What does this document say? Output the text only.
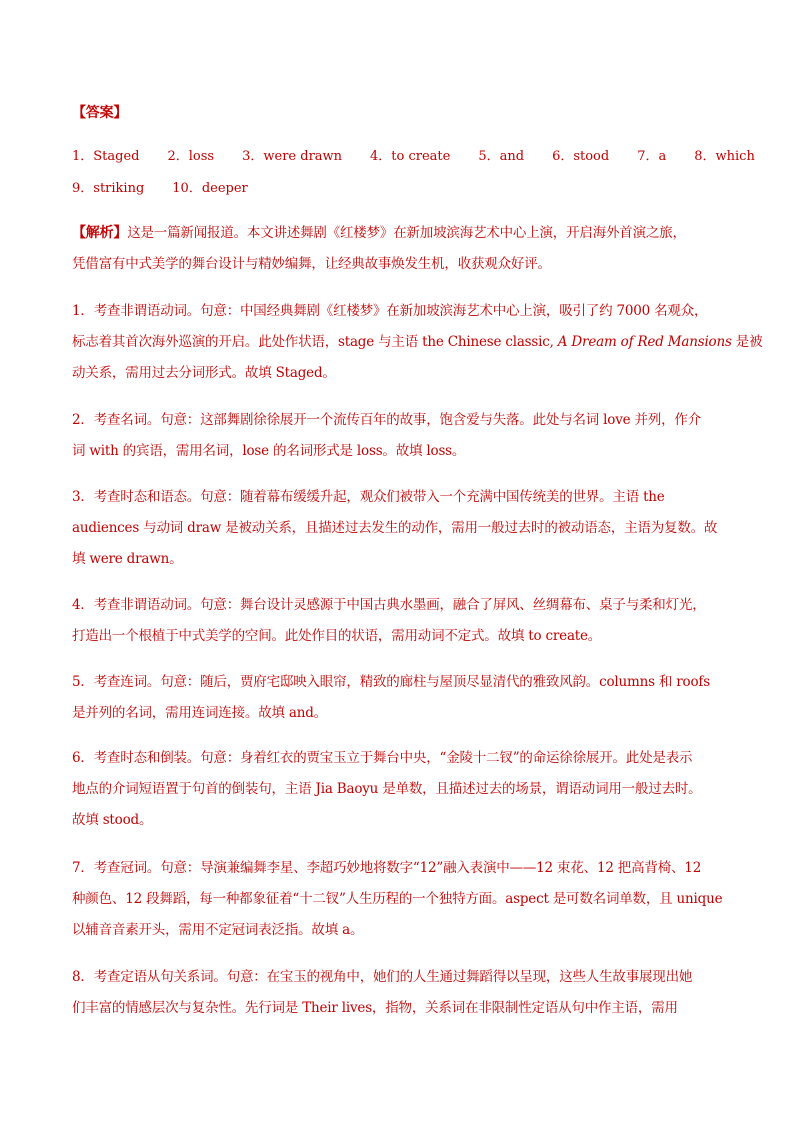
【答案】
1．Staged 2．loss 3．were drawn 4．to create 5．and 6．stood 7．a 8．which
9．striking 10．deeper
【解析】这是一篇新闻报道。本文讲述舞剧《红楼梦》在新加坡滨海艺术中心上演，开启海外首演之旅，
凭借富有中式美学的舞台设计与精妙编舞，让经典故事焕发生机，收获观众好评。
1．考查非谓语动词。句意：中国经典舞剧《红楼梦》在新加坡滨海艺术中心上演，吸引了约 7000 名观众，
标志着其首次海外巡演的开启。此处作状语，stage 与主语 the Chinese classic, A Dream of Red Mansions 是被
动关系，需用过去分词形式。故填 Staged。
2．考查名词。句意：这部舞剧徐徐展开一个流传百年的故事，饱含爱与失落。此处与名词 love 并列，作介
词 with 的宾语，需用名词，lose 的名词形式是 loss。故填 loss。
3．考查时态和语态。句意：随着幕布缓缓升起，观众们被带入一个充满中国传统美的世界。主语 the
audiences 与动词 draw 是被动关系，且描述过去发生的动作，需用一般过去时的被动语态，主语为复数。故
填 were drawn。
4．考查非谓语动词。句意：舞台设计灵感源于中国古典水墨画，融合了屏风、丝绸幕布、桌子与柔和灯光，
打造出一个根植于中式美学的空间。此处作目的状语，需用动词不定式。故填 to create。
5．考查连词。句意：随后，贾府宅邸映入眼帘，精致的廊柱与屋顶尽显清代的雅致风韵。columns 和 roofs
是并列的名词，需用连词连接。故填 and。
6．考查时态和倒装。句意：身着红衣的贾宝玉立于舞台中央，“金陵十二钗”的命运徐徐展开。此处是表示
地点的介词短语置于句首的倒装句，主语 Jia Baoyu 是单数，且描述过去的场景，谓语动词用一般过去时。
故填 stood。
7．考查冠词。句意：导演兼编舞李星、李超巧妙地将数字“12”融入表演中——12 束花、12 把高背椅、12
种颜色、12 段舞蹈，每一种都象征着“十二钗”人生历程的一个独特方面。aspect 是可数名词单数，且 unique
以辅音音素开头，需用不定冠词表泛指。故填 a。
8．考查定语从句关系词。句意：在宝玉的视角中，她们的人生通过舞蹈得以呈现，这些人生故事展现出她
们丰富的情感层次与复杂性。先行词是 Their lives，指物，关系词在非限制性定语从句中作主语，需用
